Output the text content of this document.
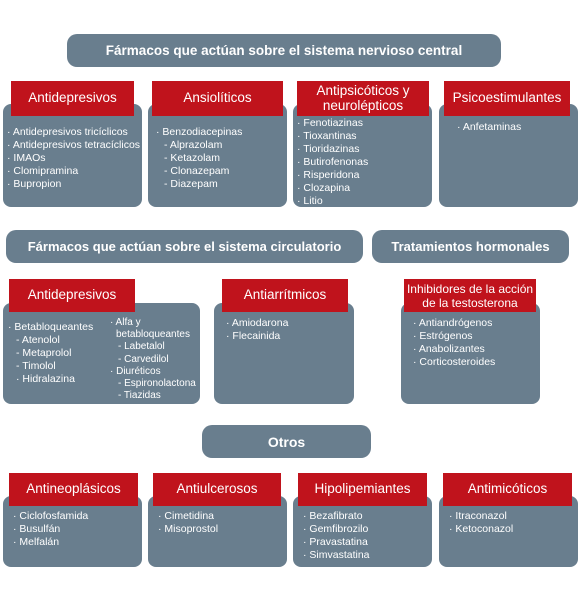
Fármacos que actúan sobre el sistema nervioso central
Antidepresivos
· Antidepresivos tricíclicos
· Antidepresivos tetracíclicos
· IMAOs
· Clomipramina
· Bupropion
Ansiolíticos
· Benzodiacepinas
- Alprazolam
- Ketazolam
- Clonazepam
- Diazepam
Antipsicóticos y
neurolépticos
· Fenotiazinas
· Tioxantinas
· Tioridazinas
· Butirofenonas
· Risperidona
· Clozapina
· Litio
Psicoestimulantes
· Anfetaminas
Fármacos que actúan sobre el sistema circulatorio	Tratamientos hormonales
Antidepresivos
· Betabloqueantes
- Atenolol
- Metaprolol
- Timolol
· Hidralazina
· Alfa y
betabloqueantes
- Labetalol
- Carvedilol
· Diuréticos
- Espironolactona
- Tiazidas
Antiarrítmicos
· Amiodarona
· Flecainida
Inhibidores de la acción
de la testosterona
· Antiandrógenos
· Estrógenos
· Anabolizantes
· Corticosteroides
Otros
Antineoplásicos
· Ciclofosfamida
· Busulfán
· Melfalán
Antiulcerosos
· Cimetidina
· Misoprostol
Hipolipemiantes
· Bezafibrato
· Gemfibrozilo
· Pravastatina
· Simvastatina
Antimicóticos
· Itraconazol
· Ketoconazol
